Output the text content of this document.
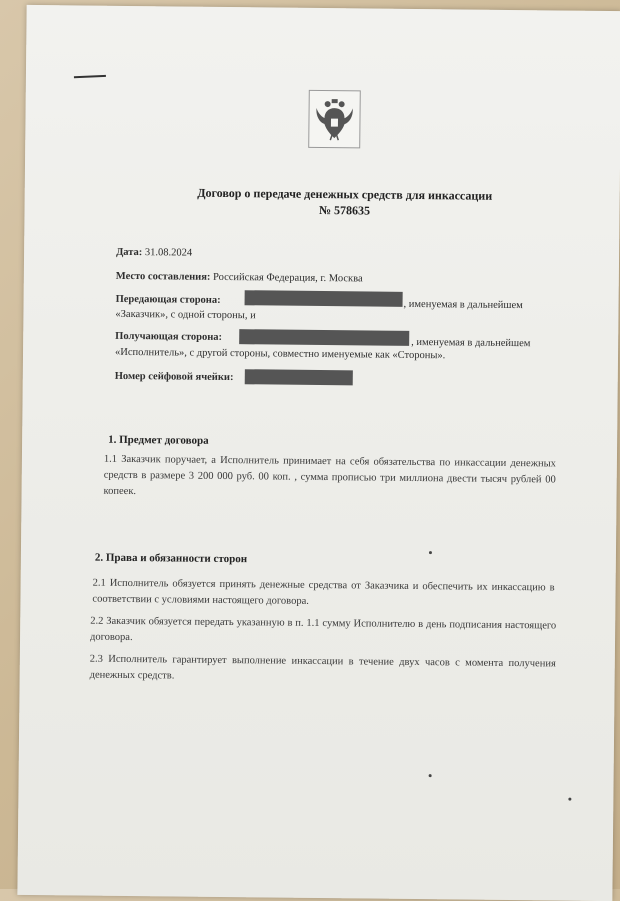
Договор о передаче денежных средств для инкассации
№ 578635
Дата: 31.08.2024
Место составления: Российская Федерация, г. Москва
Передающая сторона:	, именуемая в дальнейшем
«Заказчик», с одной стороны, и
Получающая сторона:
, именуемая в дальнейшем
«Исполнитель», с другой стороны, совместно именуемые как «Стороны».
Номер сейфовой ячейки:
1. Предмет договора
1.1 Заказчик поручает, а Исполнитель принимает на себя обязательства по инкассации денежных средств в размере 3 200 000 руб. 00 коп. , сумма прописью три миллиона двести тысяч рублей 00 копеек.
2. Права и обязанности сторон
2.1 Исполнитель обязуется принять денежные средства от Заказчика и обеспечить их инкассацию в соответствии с условиями настоящего договора.
2.2 Заказчик обязуется передать указанную в п. 1.1 сумму Исполнителю в день подписания настоящего договора.
2.3 Исполнитель гарантирует выполнение инкассации в течение двух часов с момента получения денежных средств.
